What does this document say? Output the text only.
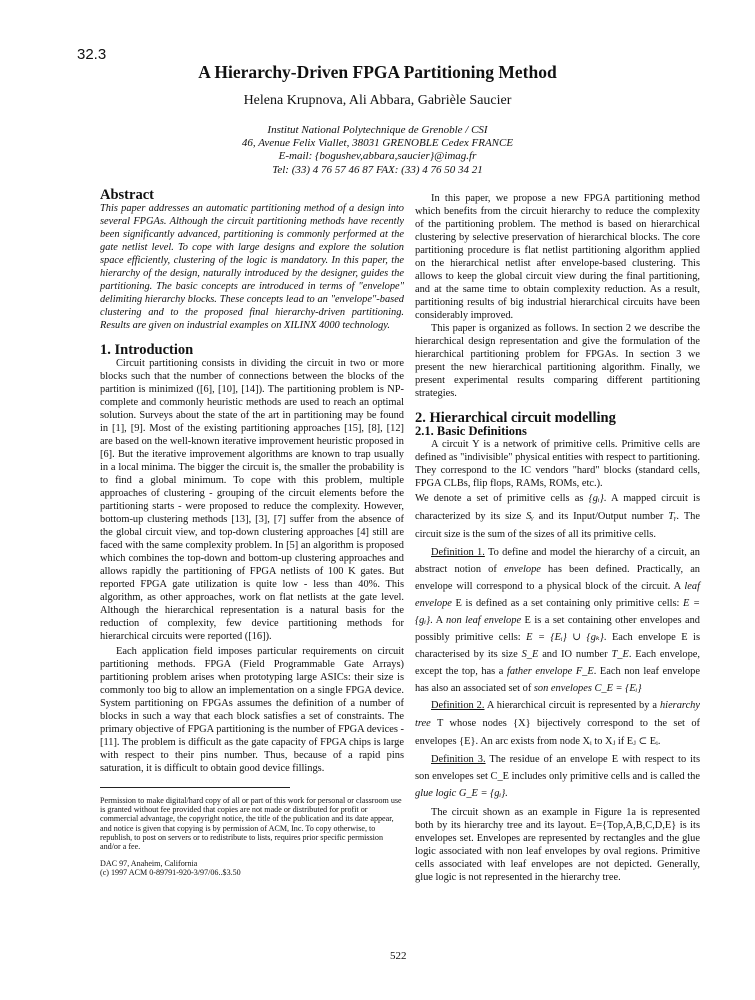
32.3
A Hierarchy-Driven FPGA Partitioning Method
Helena Krupnova, Ali Abbara, Gabrièle Saucier
Institut National Polytechnique de Grenoble / CSI
46, Avenue Felix Viallet, 38031 GRENOBLE Cedex FRANCE
E-mail: {bogushev,abbara,saucier}@imag.fr
Tel: (33) 4 76 57 46 87 FAX: (33) 4 76 50 34 21
Abstract

This paper addresses an automatic partitioning method of a design into several FPGAs. Although the circuit partitioning methods have recently been significantly advanced, partitioning is commonly performed at the gate netlist level. To cope with large designs and explore the solution space efficiently, clustering of the logic is mandatory. In this paper, the hierarchy of the design, naturally introduced by the designer, guides the partitioning. The basic concepts are introduced in terms of "envelope" delimiting hierarchy blocks. These concepts lead to an "envelope"-based clustering and to the proposed final hierarchy-driven partitioning. Results are given on industrial examples on XILINX 4000 technology.

1. Introduction

Circuit partitioning consists in dividing the circuit in two or more blocks such that the number of connections between the blocks of the partition is minimized ([6], [10], [14]). The partitioning problem is NP-complete and commonly heuristic methods are used to reach an optimal solution. Surveys about the state of the art in partitioning may be found in [1], [9]. Most of the existing partitioning approaches [15], [8], [12] are based on the well-known iterative improvement heuristic proposed in [6]. But the iterative improvement algorithms are known to trap usually in a local minima. The bigger the circuit is, the smaller the probability is to find a global minimum. To cope with this problem, multiple approaches of clustering - grouping of the circuit elements before the partitioning starts - were proposed to reduce the complexity. However, bottom-up clustering methods [13], [3], [7] suffer from the absence of the global circuit view, and top-down clustering approaches [4] still are faced with the same complexity problem. In [5] an algorithm is proposed which combines the top-down and bottom-up clustering approaches and allows rapidly the partitioning of FPGA netlists of 100 K gates. But reported FPGA gate utilization is quite low - less than 40%. This algorithm, as other approaches, work on flat netlists at the gate level. Although the hierarchical representation is a natural basis for the reduction of complexity, few device partitioning methods for hierarchical circuits were reported ([16]).

Each application field imposes particular requirements on circuit partitioning methods. FPGA (Field Programmable Gate Arrays) partitioning problem arises when prototyping large ASICs: their size is commonly too big to allow an implementation on a single FPGA device. System partitioning on FPGAs assumes the definition of a number of blocks in such a way that each block satisfies a set of constraints. The primary objective of FPGA partitioning is the number of FPGA devices - [11]. The problem is difficult as the gate capacity of FPGA chips is large with respect to their pins number. Thus, because of a rapid pins saturation, it is difficult to obtain good device fillings.

Permission to make digital/hard copy of all or part of this work for personal or classroom use is granted without fee provided that copies are not made or distributed for profit or commercial advantage, the copyright notice, the title of the publication and its date appear, and notice is given that copying is by permission of ACM, Inc. To copy otherwise, to republish, to post on servers or to redistribute to lists, requires prior specific permission and/or a fee.

DAC 97, Anaheim, California

(c) 1997 ACM 0-89791-920-3/97/06..$3.50

In this paper, we propose a new FPGA partitioning method which benefits from the circuit hierarchy to reduce the complexity of the partitioning problem. The method is based on hierarchical clustering by selective preservation of hierarchical blocks. The core partitioning procedure is flat netlist partitioning algorithm applied on the hierarchical netlist after envelope-based clustering. This allows to keep the global circuit view during the final partitioning, and at the same time to obtain complexity reduction. As a result, partitioning results of big industrial hierarchical circuits have been considerably improved.

This paper is organized as follows. In section 2 we describe the hierarchical design representation and give the formulation of the hierarchical partitioning problem for FPGAs. In section 3 we present the new hierarchical partitioning algorithm. Finally, we present experimental results comparing different partitioning strategies.

2. Hierarchical circuit modelling
2.1. Basic Definitions

A circuit Y is a network of primitive cells. Primitive cells are defined as "indivisible" physical entities with respect to partitioning. They correspond to the IC vendors "hard" blocks (standard cells, FPGA CLBs, flip flops, RAMs, ROMs, etc.).

We denote a set of primitive cells as {gᵢ}. A mapped circuit is characterized by its size Sᵧ and its Input/Output number Tᵧ. The circuit size is the sum of the sizes of all its primitive cells.

Definition 1. To define and model the hierarchy of a circuit, an abstract notion of envelope has been defined. Practically, an envelope will correspond to a physical block of the circuit. A leaf envelope E is defined as a set containing only primitive cells: E = {gᵢ}. A non leaf envelope E is a set containing other envelopes and possibly primitive cells: E = {Eᵢ} ∪ {gₖ}. Each envelope E is characterised by its size S_E and IO number T_E. Each envelope, except the top, has a father envelope F_E. Each non leaf envelope has also an associated set of son envelopes C_E = {Eᵢ}

Definition 2. A hierarchical circuit is represented by a hierarchy tree T whose nodes {X} bijectively correspond to the set of envelopes {E}. An arc exists from node Xᵢ to Xⱼ if Eⱼ ⊂ Eᵢ.

Definition 3. The residue of an envelope E with respect to its son envelopes set C_E includes only primitive cells and is called the glue logic G_E = {gᵢ}.

The circuit shown as an example in Figure 1a is represented both by its hierarchy tree and its layout. E={Top,A,B,C,D,E} is its envelopes set. Envelopes are represented by rectangles and the glue logic associated with non leaf envelopes by oval regions. Primitive cells associated with leaf envelopes are not depicted. Generally, glue logic is not represented in the hierarchy tree.

522
